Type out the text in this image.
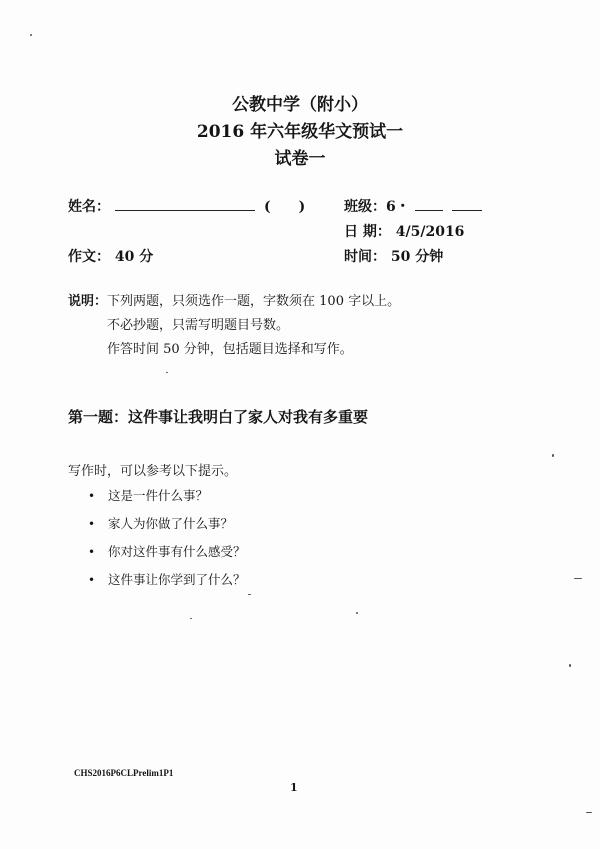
公教中学（附小）
2016 年六年级华文预试一
试卷一
姓名：	(　　)	班级：6・
日 期： 4/5/2016
作文： 40 分	时间： 50 分钟
说明：下列两题，只须选作一题，字数须在 100 字以上。
不必抄题，只需写明题目号数。
作答时间 50 分钟，包括题目选择和写作。
第一题：这件事让我明白了家人对我有多重要
写作时，可以参考以下提示。
• 这是一件什么事？
• 家人为你做了什么事？
• 你对这件事有什么感受？
• 这件事让你学到了什么？
CHS2016P6CLPrelim1P1
1
